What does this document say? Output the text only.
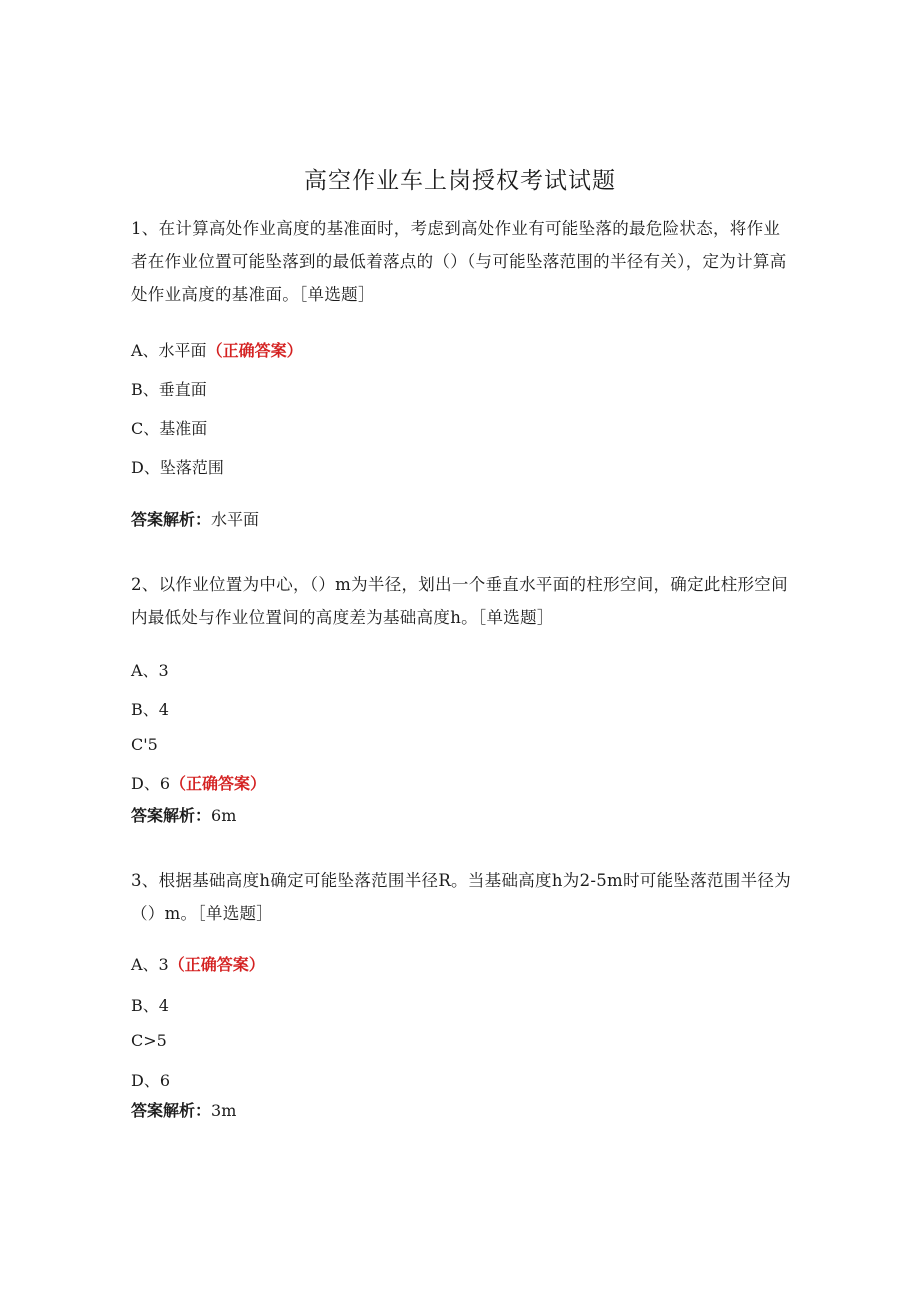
高空作业车上岗授权考试试题
1、在计算高处作业高度的基准面时，考虑到高处作业有可能坠落的最危险状态，将作业者在作业位置可能坠落到的最低着落点的（）（与可能坠落范围的半径有关），定为计算高处作业高度的基准面。［单选题］
A、水平面（正确答案）
B、垂直面
C、基准面
D、坠落范围
答案解析：水平面
2、以作业位置为中心，（）m为半径，划出一个垂直水平面的柱形空间，确定此柱形空间内最低处与作业位置间的高度差为基础高度h。［单选题］
A、3
B、4
C'5
D、6（正确答案）
答案解析：6m
3、根据基础高度h确定可能坠落范围半径R。当基础高度h为2-5m时可能坠落范围半径为（）m。［单选题］
A、3（正确答案）
B、4
C>5
D、6
答案解析：3m
